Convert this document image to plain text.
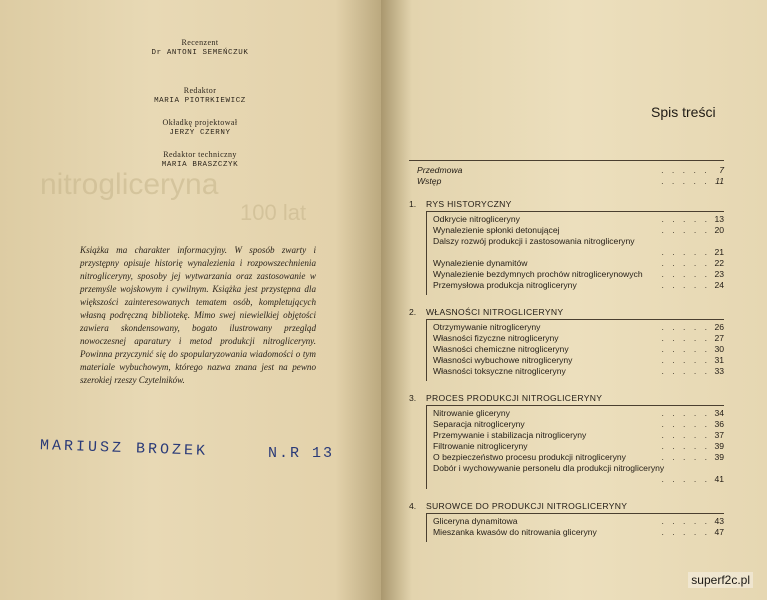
nitrogliceryna
100 lat
Recenzent
Dr ANTONI SEMEŃCZUK
Redaktor
MARIA PIOTRKIEWICZ
Okładkę projektował
JERZY CZERNY
Redaktor techniczny
MARIA BRASZCZYK

Książka ma charakter informacyjny. W sposób zwarty i przystępny opisuje historię wynalezienia i rozpowszechnienia nitrogliceryny, sposoby jej wytwarzania oraz zastosowanie w przemyśle wojskowym i cywilnym. Książka jest przystępna dla większości zainteresowanych tematem osób, kompletujących własną podręczną bibliotekę. Mimo swej niewielkiej objętości zawiera skondensowany, bogato ilustrowany przegląd nowoczesnej aparatury i metod produkcji nitrogliceryny. Powinna przyczynić się do spopularyzowania wiadomości o tym materiale wybuchowym, którego nazwa znana jest na pewno szerokiej rzeszy Czytelników.

MARIUSZ BROZEK	N.R 13
Spis treści
Przedmowa	. . . . . 7
Wstęp	. . . . . 11
1. RYS HISTORYCZNY
Odkrycie nitrogliceryny	. . . . . 13
Wynalezienie spłonki detonującej	. . . . . 20
Dalszy rozwój produkcji i zastosowania nitrogliceryny
. . . . . 21
Wynalezienie dynamitów	. . . . . 22
Wynalezienie bezdymnych prochów nitroglicerynowych . . . . . 23
Przemysłowa produkcja nitrogliceryny	. . . . . 24
2. WŁASNOŚCI NITROGLICERYNY
Otrzymywanie nitrogliceryny	. . . . . 26
Własności fizyczne nitrogliceryny	. . . . . 27
Własności chemiczne nitrogliceryny	. . . . . 30
Własności wybuchowe nitrogliceryny	. . . . . 31
Własności toksyczne nitrogliceryny	. . . . . 33
3. PROCES PRODUKCJI NITROGLICERYNY
Nitrowanie gliceryny	. . . . . 34
Separacja nitrogliceryny	. . . . . 36
Przemywanie i stabilizacja nitrogliceryny	. . . . . 37
Filtrowanie nitrogliceryny	. . . . . 39
O bezpieczeństwo procesu produkcji nitrogliceryny	. . . . . 39
Dobór i wychowywanie personelu dla produkcji nitrogliceryny
. . . . . 41
4. SUROWCE DO PRODUKCJI NITROGLICERYNY
Gliceryna dynamitowa	. . . . . 43
Mieszanka kwasów do nitrowania gliceryny	. . . . . 47
superf2c.pl
